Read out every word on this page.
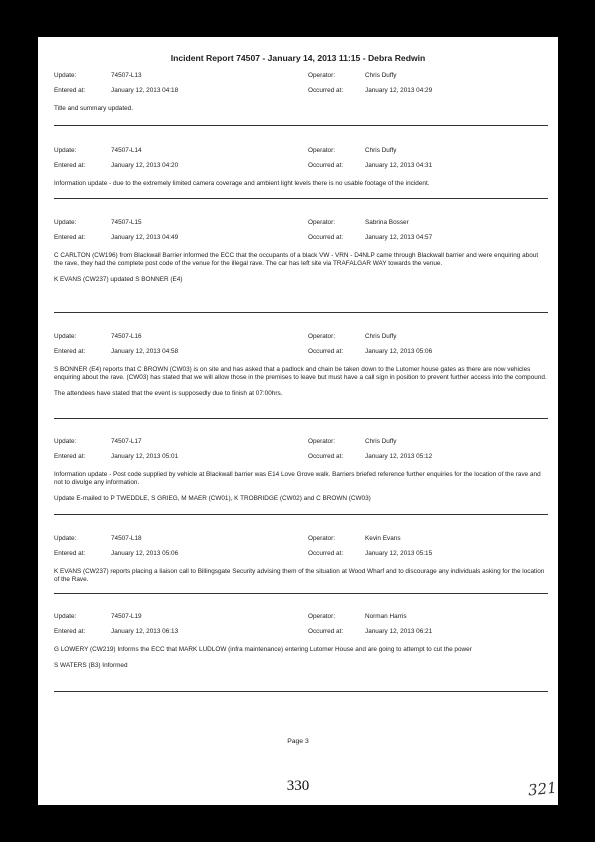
Incident Report 74507 - January 14, 2013 11:15 - Debra Redwin
Update:	74507-L13	Operator:	Chris Duffy
Entered at:	January 12, 2013 04:18	Occurred at:	January 12, 2013 04:29
Title and summary updated.
Update:	74507-L14	Operator:	Chris Duffy
Entered at:	January 12, 2013 04:20	Occurred at:	January 12, 2013 04:31
Information update - due to the extremely limited camera coverage and ambient light levels there is no usable footage of the incident.
Update:	74507-L15	Operator:	Sabrina Bosser
Entered at:	January 12, 2013 04:49	Occurred at:	January 12, 2013 04:57
C CARLTON (CW196) from Blackwall Barrier informed the ECC that the occupants of a black VW - VRN - D4NLP came through Blackwall barrier and were enquiring about the rave, they had the complete post code of the venue for the illegal rave. The car has left site via TRAFALGAR WAY towards the venue.

K EVANS (CW237) updated S BONNER (E4)
Update:	74507-L16	Operator:	Chris Duffy
Entered at:	January 12, 2013 04:58	Occurred at:	January 12, 2013 05:06
S BONNER (E4) reports that C BROWN (CW03) is on site and has asked that a padlock and chain be taken down to the Lutomer house gates as there are now vehicles enquiring about the rave. (CW03) has stated that we will allow those in the premises to leave but must have a call sign in position to prevent further access into the compound.

The attendees have stated that the event is supposedly due to finish at 07:00hrs.
Update:	74507-L17	Operator:	Chris Duffy
Entered at:	January 12, 2013 05:01	Occurred at:	January 12, 2013 05:12
Information update - Post code supplied by vehicle at Blackwall barrier was E14 Love Grove walk. Barriers briefed reference further enquiries for the location of the rave and not to divulge any information.

Update E-mailed to P TWEDDLE, S GRIEG, M MAER (CW01), K TROBRIDGE (CW02) and C BROWN (CW03)
Update:	74507-L18	Operator:	Kevin Evans
Entered at:	January 12, 2013 05:06	Occurred at:	January 12, 2013 05:15
K EVANS (CW237) reports placing a liaison call to Billingsgate Security advising them of the situation at Wood Wharf and to discourage any individuals asking for the location of the Rave.
Update:	74507-L19	Operator:	Norman Harris
Entered at:	January 12, 2013 06:13	Occurred at:	January 12, 2013 06:21
G LOWERY (CW219) Informs the ECC that MARK LUDLOW (infra maintenance) entering Lutomer House and are going to attempt to cut the power

S WATERS (B3) Informed
Page 3
330	321
